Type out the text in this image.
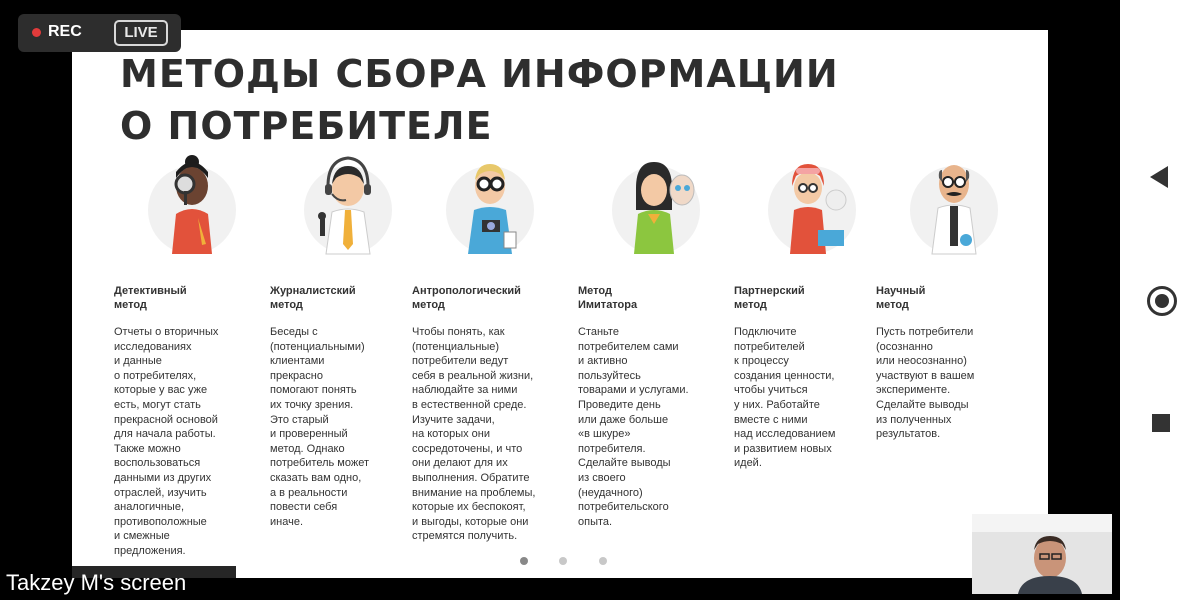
МЕТОДЫ СБОРА ИНФОРМАЦИИ О ПОТРЕБИТЕЛЕ
Детективный
метод
Отчеты о вторичных
исследованиях
и данные
о потребителях,
которые у вас уже
есть, могут стать
прекрасной основой
для начала работы.
Также можно
воспользоваться
данными из других
отраслей, изучить
аналогичные,
противоположные
и смежные
предложения.
Журналистский
метод
Беседы с
(потенциальными)
клиентами
прекрасно
помогают понять
их точку зрения.
Это старый
и проверенный
метод. Однако
потребитель может
сказать вам одно,
а в реальности
повести себя
иначе.
Антропологический
метод
Чтобы понять, как
(потенциальные)
потребители ведут
себя в реальной жизни,
наблюдайте за ними
в естественной среде.
Изучите задачи,
на которых они
сосредоточены, и что
они делают для их
выполнения. Обратите
внимание на проблемы,
которые их беспокоят,
и выгоды, которые они
стремятся получить.
Метод
Имитатора
Станьте
потребителем сами
и активно
пользуйтесь
товарами и услугами.
Проведите день
или даже больше
«в шкуре»
потребителя.
Сделайте выводы
из своего
(неудачного)
потребительского
опыта.
Партнерский
метод
Подключите
потребителей
к процессу
создания ценности,
чтобы учиться
у них. Работайте
вместе с ними
над исследованием
и развитием новых
идей.
Научный
метод
Пусть потребители
(осознанно
или неосознанно)
участвуют в вашем
эксперименте.
Сделайте выводы
из полученных
результатов.

REC	LIVE
Takzey M's screen
